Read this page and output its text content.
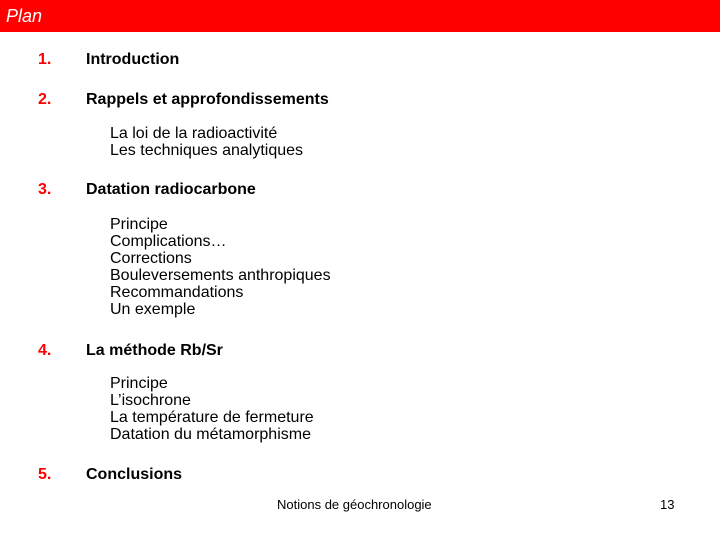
Plan
1. Introduction
2. Rappels et approfondissements
La loi de la radioactivité
Les techniques analytiques
3. Datation radiocarbone
Principe
Complications…
Corrections
Bouleversements anthropiques
Recommandations
Un exemple
4. La méthode Rb/Sr
Principe
L’isochrone
La température de fermeture
Datation du métamorphisme
5. Conclusions
Notions de géochronologie	13
